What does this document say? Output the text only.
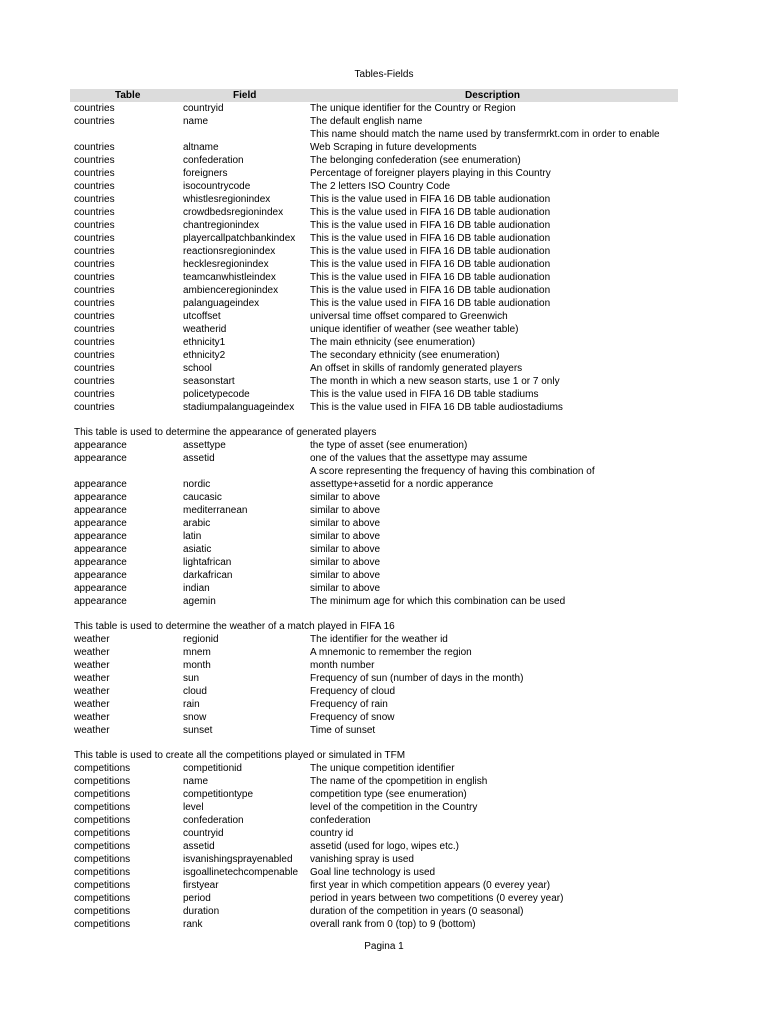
Tables-Fields
Table	Field	Description
countries	countryid	The unique identifier for the Country or Region
countries	name	The default english name
countries	altname
This name should match the name used by transfermrkt.com in order to enable
Web Scraping in future developments
countries	confederation	The belonging confederation (see enumeration)
countries	foreigners	Percentage of foreigner players playing in this Country
countries	isocountrycode	The 2 letters ISO Country Code
countries	whistlesregionindex	This is the value used in FIFA 16 DB table audionation
countries	crowdbedsregionindex	This is the value used in FIFA 16 DB table audionation
countries	chantregionindex	This is the value used in FIFA 16 DB table audionation
countries	playercallpatchbankindex	This is the value used in FIFA 16 DB table audionation
countries	reactionsregionindex	This is the value used in FIFA 16 DB table audionation
countries	hecklesregionindex	This is the value used in FIFA 16 DB table audionation
countries	teamcanwhistleindex	This is the value used in FIFA 16 DB table audionation
countries	ambienceregionindex	This is the value used in FIFA 16 DB table audionation
countries	palanguageindex	This is the value used in FIFA 16 DB table audionation
countries	utcoffset	universal time offset compared to Greenwich
countries	weatherid	unique identifier of weather (see weather table)
countries	ethnicity1	The main ethnicity (see enumeration)
countries	ethnicity2	The secondary ethnicity (see enumeration)
countries	school	An offset in skills of randomly generated players
countries	seasonstart	The month in which a new season starts, use 1 or 7 only
countries	policetypecode	This is the value used in FIFA 16 DB table stadiums
countries	stadiumpalanguageindex	This is the value used in FIFA 16 DB table audiostadiums
This table is used to determine the appearance of generated players
appearance	assettype	the type of asset (see enumeration)
appearance	assetid	one of the values that the assettype may assume
appearance	nordic
A score representing the frequency of having this combination of
assettype+assetid for a nordic apperance
appearance	caucasic	similar to above
appearance	mediterranean	similar to above
appearance	arabic	similar to above
appearance	latin	similar to above
appearance	asiatic	similar to above
appearance	lightafrican	similar to above
appearance	darkafrican	similar to above
appearance	indian	similar to above
appearance	agemin	The minimum age for which this combination can be used
This table is used to determine the weather of a match played in FIFA 16
weather	regionid	The identifier for the weather id
weather	mnem	A mnemonic to remember the region
weather	month	month number
weather	sun	Frequency of sun (number of days in the month)
weather	cloud	Frequency of cloud
weather	rain	Frequency of rain
weather	snow	Frequency of snow
weather	sunset	Time of sunset
This table is used to create all the competitions played or simulated in TFM
competitions	competitionid	The unique competition identifier
competitions	name	The name of the cpompetition in english
competitions	competitiontype	competition type (see enumeration)
competitions	level	level of the competition in the Country
competitions	confederation	confederation
competitions	countryid	country id
competitions	assetid	assetid (used for logo, wipes etc.)
competitions	isvanishingsprayenabled	vanishing spray is used
competitions	isgoallinetechcompenable	Goal line technology is used
competitions	firstyear	first year in which competition appears (0 everey year)
competitions	period	period in years between two competitions (0 everey year)
competitions	duration	duration of the competition in years (0 seasonal)
competitions	rank	overall rank from 0 (top) to 9 (bottom)
Pagina 1
